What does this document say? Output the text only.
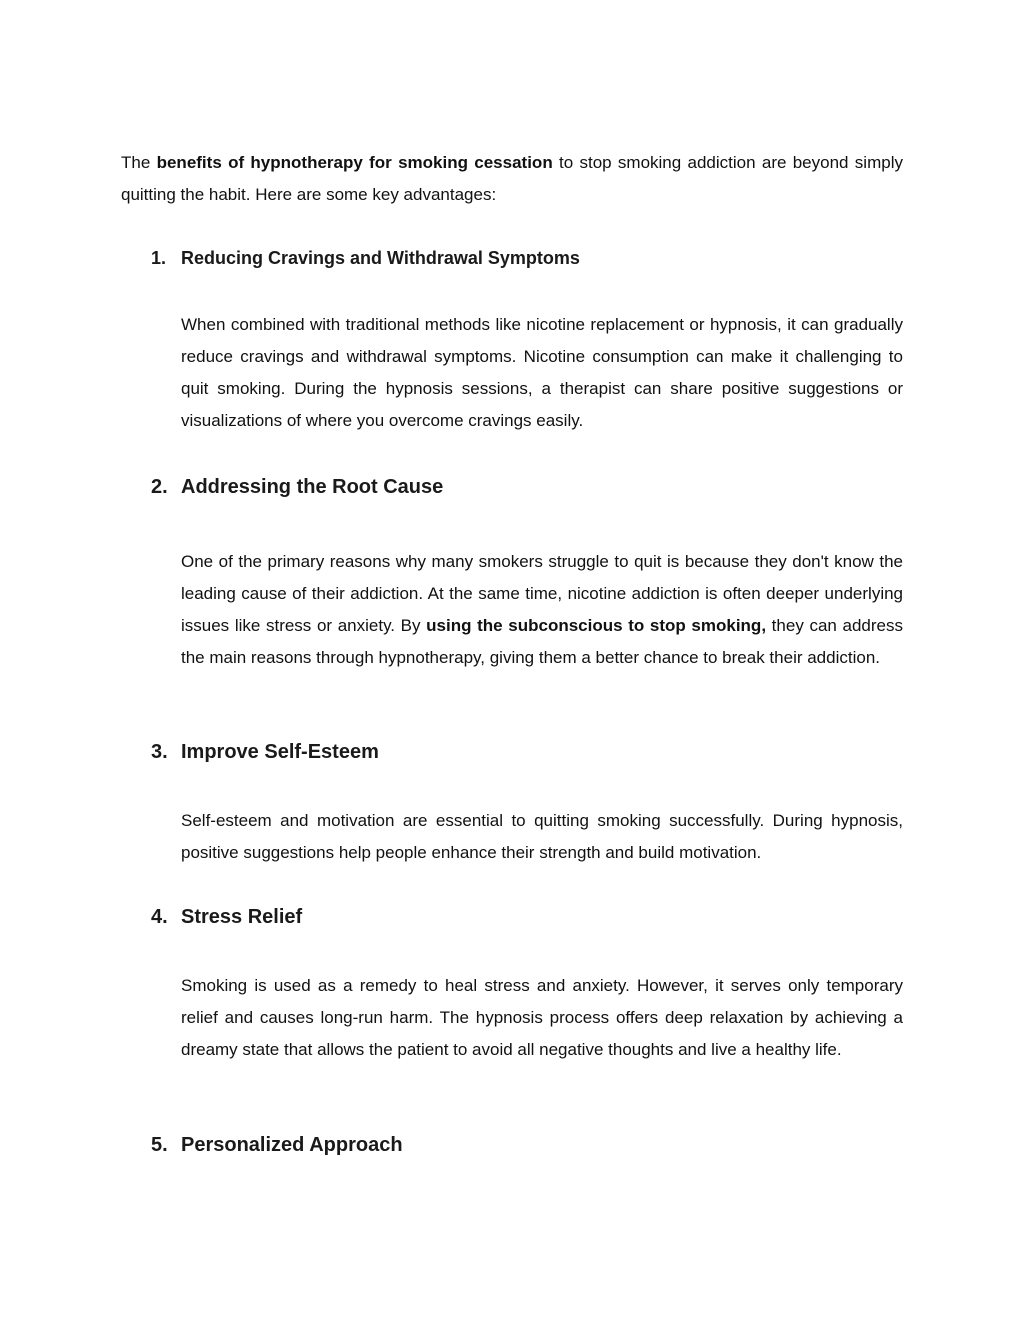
The benefits of hypnotherapy for smoking cessation to stop smoking addiction are beyond simply quitting the habit. Here are some key advantages:

1. Reducing Cravings and Withdrawal Symptoms

When combined with traditional methods like nicotine replacement or hypnosis, it can gradually reduce cravings and withdrawal symptoms. Nicotine consumption can make it challenging to quit smoking. During the hypnosis sessions, a therapist can share positive suggestions or visualizations of where you overcome cravings easily.

2. Addressing the Root Cause

One of the primary reasons why many smokers struggle to quit is because they don't know the leading cause of their addiction. At the same time, nicotine addiction is often deeper underlying issues like stress or anxiety. By using the subconscious to stop smoking, they can address the main reasons through hypnotherapy, giving them a better chance to break their addiction.

3. Improve Self-Esteem

Self-esteem and motivation are essential to quitting smoking successfully. During hypnosis, positive suggestions help people enhance their strength and build motivation.

4. Stress Relief

Smoking is used as a remedy to heal stress and anxiety. However, it serves only temporary relief and causes long-run harm. The hypnosis process offers deep relaxation by achieving a dreamy state that allows the patient to avoid all negative thoughts and live a healthy life.

5. Personalized Approach
